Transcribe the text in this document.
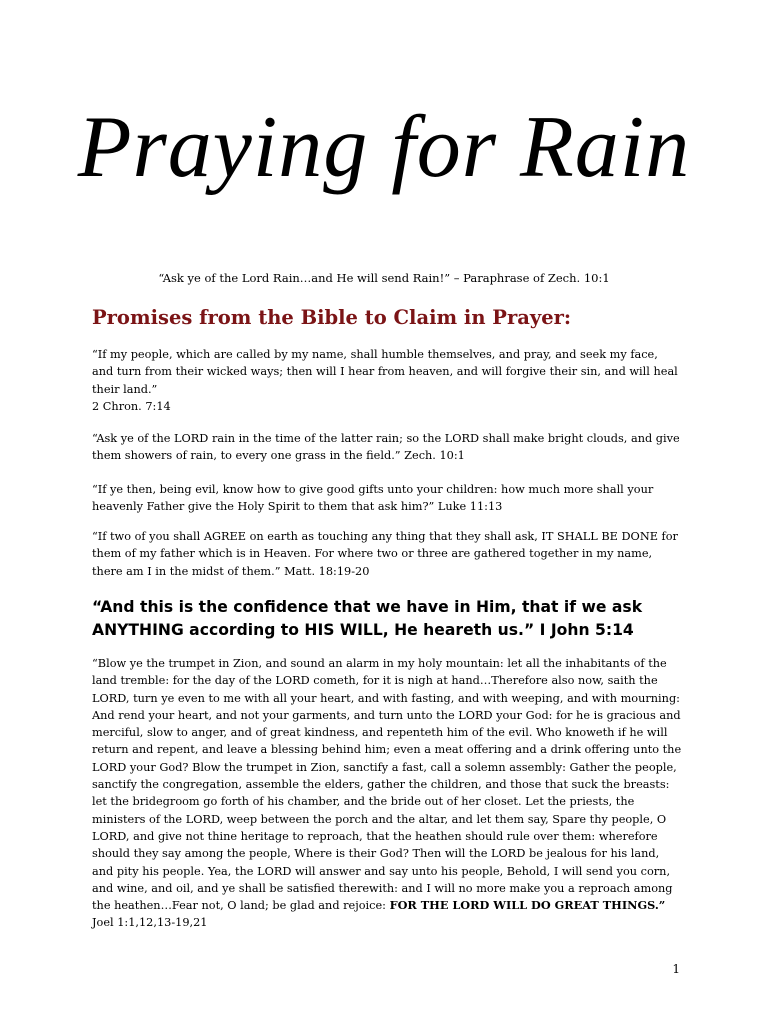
Praying for Rain
“Ask ye of the Lord Rain…and He will send Rain!” – Paraphrase of Zech. 10:1
Promises from the Bible to Claim in Prayer:
“If my people, which are called by my name, shall humble themselves, and pray, and seek my face, and turn from their wicked ways; then will I hear from heaven, and will forgive their sin, and will heal their land.”
2 Chron. 7:14
“Ask ye of the LORD rain in the time of the latter rain; so the LORD shall make bright clouds, and give them showers of rain, to every one grass in the field.” Zech. 10:1
“If ye then, being evil, know how to give good gifts unto your children: how much more shall your heavenly Father give the Holy Spirit to them that ask him?” Luke 11:13
“If two of you shall AGREE on earth as touching any thing that they shall ask, IT SHALL BE DONE for them of my father which is in Heaven. For where two or three are gathered together in my name, there am I in the midst of them.” Matt. 18:19-20
“And this is the confidence that we have in Him, that if we ask ANYTHING according to HIS WILL, He heareth us.” I John 5:14
“Blow ye the trumpet in Zion, and sound an alarm in my holy mountain: let all the inhabitants of the land tremble: for the day of the LORD cometh, for it is nigh at hand…Therefore also now, saith the LORD, turn ye even to me with all your heart, and with fasting, and with weeping, and with mourning: And rend your heart, and not your garments, and turn unto the LORD your God: for he is gracious and merciful, slow to anger, and of great kindness, and repenteth him of the evil. Who knoweth if he will return and repent, and leave a blessing behind him; even a meat offering and a drink offering unto the LORD your God? Blow the trumpet in Zion, sanctify a fast, call a solemn assembly: Gather the people, sanctify the congregation, assemble the elders, gather the children, and those that suck the breasts: let the bridegroom go forth of his chamber, and the bride out of her closet. Let the priests, the ministers of the LORD, weep between the porch and the altar, and let them say, Spare thy people, O LORD, and give not thine heritage to reproach, that the heathen should rule over them: wherefore should they say among the people, Where is their God? Then will the LORD be jealous for his land, and pity his people. Yea, the LORD will answer and say unto his people, Behold, I will send you corn, and wine, and oil, and ye shall be satisfied therewith: and I will no more make you a reproach among the heathen…Fear not, O land; be glad and rejoice: FOR THE LORD WILL DO GREAT THINGS.” Joel 1:1,12,13-19,21
1
